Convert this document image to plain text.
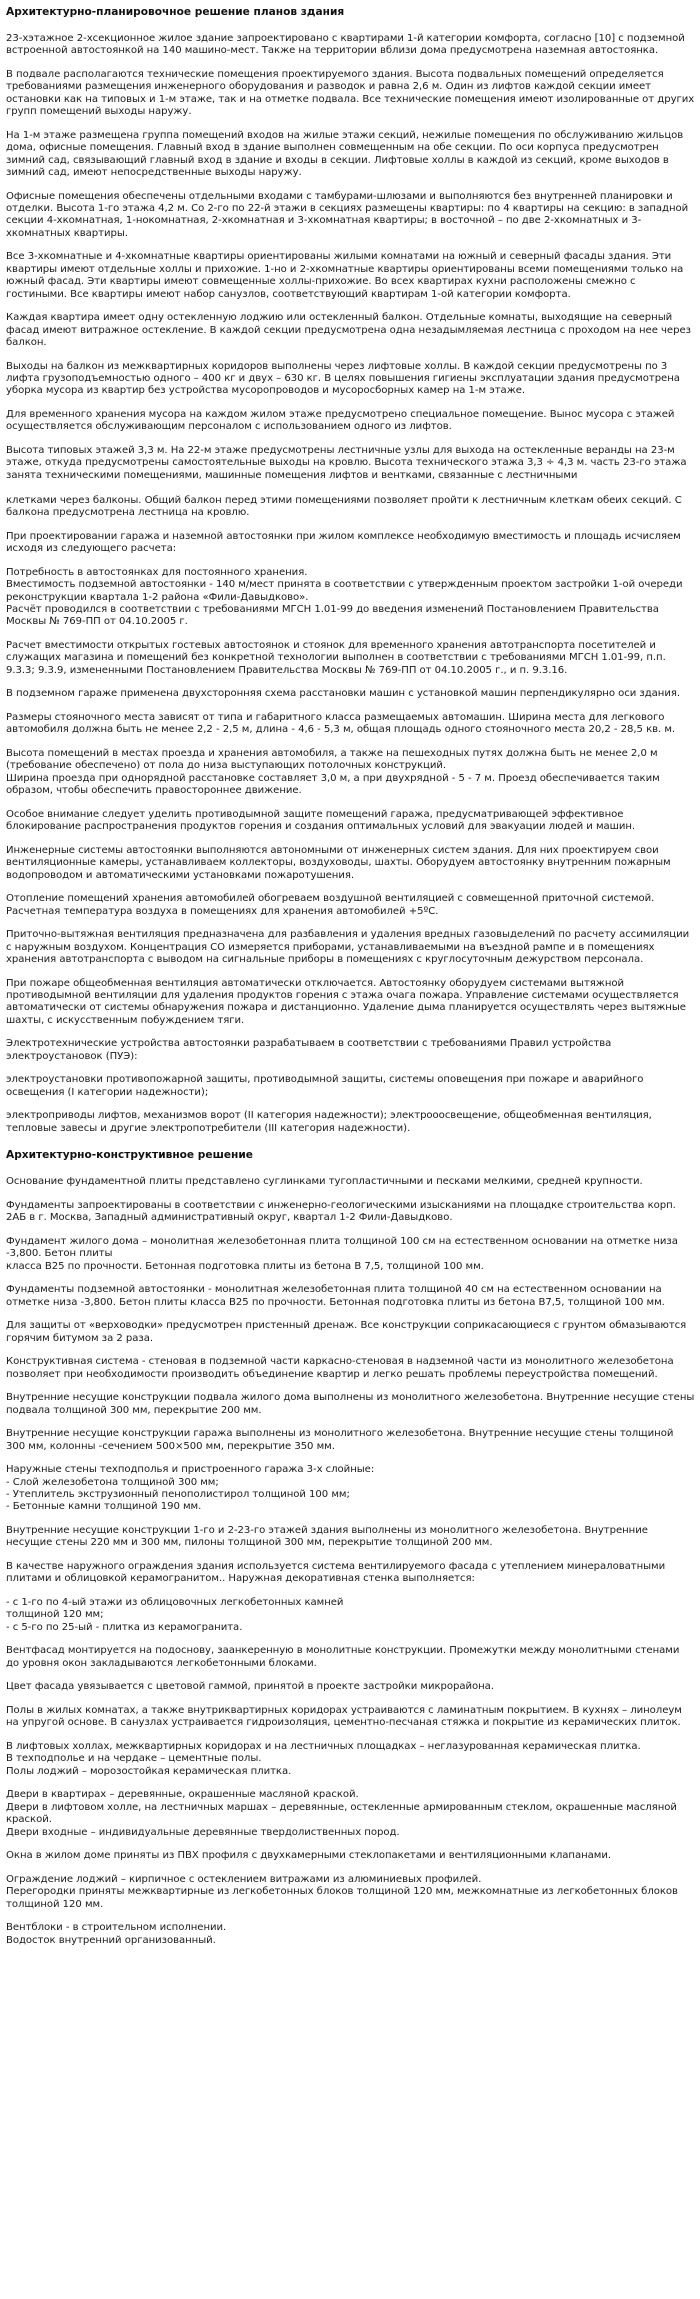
Архитектурно-планировочное решение планов здания

23-хэтажное 2-хсекционное жилое здание запроектировано с квартирами 1-й категории комфорта, согласно [10] с подземной встроенной автостоянкой на 140 машино-мест. Также на территории вблизи дома предусмотрена наземная автостоянка.

В подвале располагаются технические помещения проектируемого здания. Высота подвальных помещений определяется требованиями размещения инженерного оборудования и разводок и равна 2,6 м. Один из лифтов каждой секции имеет остановки как на типовых и 1-м этаже, так и на отметке подвала. Все технические помещения имеют изолированные от других групп помещений выходы наружу.

На 1-м этаже размещена группа помещений входов на жилые этажи секций, нежилые помещения по обслуживанию жильцов дома, офисные помещения. Главный вход в здание выполнен совмещенным на обе секции. По оси корпуса предусмотрен зимний сад, связывающий главный вход в здание и входы в секции. Лифтовые холлы в каждой из секций, кроме выходов в зимний сад, имеют непосредственные выходы наружу.

Офисные помещения обеспечены отдельными входами с тамбурами-шлюзами и выполняются без внутренней планировки и отделки. Высота 1-го этажа 4,2 м. Со 2-го по 22-й этажи в секциях размещены квартиры: по 4 квартиры на секцию: в западной секции 4-хкомнатная, 1-нокомнатная, 2-хкомнатная и 3-хкомнатная квартиры; в восточной – по две 2-хкомнатных и 3-хкомнатных квартиры.

Все 3-хкомнатные и 4-хкомнатные квартиры ориентированы жилыми комнатами на южный и северный фасады здания. Эти квартиры имеют отдельные холлы и прихожие. 1-но и 2-хкомнатные квартиры ориентированы всеми помещениями только на южный фасад. Эти квартиры имеют совмещенные холлы-прихожие. Во всех квартирах кухни расположены смежно с гостиными. Все квартиры имеют набор санузлов, соответствующий квартирам 1-ой категории комфорта.

Каждая квартира имеет одну остекленную лоджию или остекленный балкон. Отдельные комнаты, выходящие на северный фасад имеют витражное остекление. В каждой секции предусмотрена одна незадымляемая лестница с проходом на нее через балкон.

Выходы на балкон из межквартирных коридоров выполнены через лифтовые холлы. В каждой секции предусмотрены по 3 лифта грузоподъемностью одного – 400 кг и двух – 630 кг. В целях повышения гигиены эксплуатации здания предусмотрена уборка мусора из квартир без устройства мусоропроводов и мусоросборных камер на 1-м этаже.

Для временного хранения мусора на каждом жилом этаже предусмотрено специальное помещение. Вынос мусора с этажей осуществляется обслуживающим персоналом с использованием одного из лифтов.

Высота типовых этажей 3,3 м. На 22-м этаже предусмотрены лестничные узлы для выхода на остекленные веранды на 23-м этаже, откуда предусмотрены самостоятельные выходы на кровлю. Высота технического этажа 3,3 ÷ 4,3 м. часть 23-го этажа занята техническими помещениями, машинные помещения лифтов и вентками, связанные с лестничными

клетками через балконы. Общий балкон перед этими помещениями позволяет пройти к лестничным клеткам обеих секций. С балкона предусмотрена лестница на кровлю.

При проектировании гаража и наземной автостоянки при жилом комплексе необходимую вместимость и площадь исчисляем исходя из следующего расчета:

Потребность в автостоянках для постоянного хранения.
Вместимость подземной автостоянки - 140 м/мест принята в соответствии с утвержденным проектом застройки 1-ой очереди реконструкции квартала 1-2 района «Фили-Давыдково».
Расчёт проводился в соответствии с требованиями МГСН 1.01-99 до введения изменений Постановлением Правительства Москвы № 769-ПП от 04.10.2005 г.

Расчет вместимости открытых гостевых автостоянок и стоянок для временного хранения автотранспорта посетителей и служащих магазина и помещений без конкретной технологии выполнен в соответствии с требованиями МГСН 1.01-99, п.п. 9.3.3; 9.3.9, измененными Постановлением Правительства Москвы № 769-ПП от 04.10.2005 г., и п. 9.3.16.

В подземном гараже применена двухсторонняя схема расстановки машин с установкой машин перпендикулярно оси здания.

Размеры стояночного места зависят от типа и габаритного класса размещаемых автомашин. Ширина места для легкового автомобиля должна быть не менее 2,2 - 2,5 м, длина - 4,6 - 5,3 м, общая площадь одного стояночного места 20,2 - 28,5 кв. м.

Высота помещений в местах проезда и хранения автомобиля, а также на пешеходных путях должна быть не менее 2,0 м (требование обеспечено) от пола до низа выступающих потолочных конструкций.
Ширина проезда при однорядной расстановке составляет 3,0 м, а при двухрядной - 5 - 7 м. Проезд обеспечивается таким образом, чтобы обеспечить правостороннее движение.

Особое внимание следует уделить противодымной защите помещений гаража, предусматривающей эффективное блокирование распространения продуктов горения и создания оптимальных условий для эвакуации людей и машин.

Инженерные системы автостоянки выполняются автономными от инженерных систем здания. Для них проектируем свои вентиляционные камеры, устанавливаем коллекторы, воздуховоды, шахты. Оборудуем автостоянку внутренним пожарным водопроводом и автоматическими установками пожаротушения.

Отопление помещений хранения автомобилей обогреваем воздушной вентиляцией с совмещенной приточной системой. Расчетная температура воздуха в помещениях для хранения автомобилей +5ºС.

Приточно-вытяжная вентиляция предназначена для разбавления и удаления вредных газовыделений по расчету ассимиляции с наружным воздухом. Концентрация СО измеряется приборами, устанавливаемыми на въездной рампе и в помещениях хранения автотранспорта с выводом на сигнальные приборы в помещениях с круглосуточным дежурством персонала.

При пожаре общеобменная вентиляция автоматически отключается. Автостоянку оборудуем системами вытяжной противодымной вентиляции для удаления продуктов горения с этажа очага пожара. Управление системами осуществляется автоматически от системы обнаружения пожара и дистанционно. Удаление дыма планируется осуществлять через вытяжные шахты, с искусственным побуждением тяги.

Электротехнические устройства автостоянки разрабатываем в соответствии с требованиями Правил устройства электроустановок (ПУЭ):

электроустановки противопожарной защиты, противодымной защиты, системы оповещения при пожаре и аварийного освещения (I категории надежности);

электроприводы лифтов, механизмов ворот (II категория надежности); электрооосвещение, общеобменная вентиляция, тепловые завесы и другие электропотребители (III категория надежности).

Архитектурно-конструктивное решение

Основание фундаментной плиты представлено суглинками тугопластичными и песками мелкими, средней крупности.

Фундаменты запроектированы в соответствии с инженерно-геологическими изысканиями на площадке строительства корп. 2АБ в г. Москва, Западный административный округ, квартал 1-2 Фили-Давыдково.

Фундамент жилого дома – монолитная железобетонная плита толщиной 100 см на естественном основании на отметке низа -3,800. Бетон плиты
класса В25 по прочности. Бетонная подготовка плиты из бетона В 7,5, толщиной 100 мм.

Фундаменты подземной автостоянки - монолитная железобетонная плита толщиной 40 см на естественном основании на отметке низа -3,800. Бетон плиты класса В25 по прочности. Бетонная подготовка плиты из бетона В7,5, толщиной 100 мм.

Для защиты от «верховодки» предусмотрен пристенный дренаж. Все конструкции соприкасающиеся с грунтом обмазываются горячим битумом за 2 раза.

Конструктивная система - стеновая в подземной части каркасно-стеновая в надземной части из монолитного железобетона позволяет при необходимости производить объединение квартир и легко решать проблемы переустройства помещений.

Внутренние несущие конструкции подвала жилого дома выполнены из монолитного железобетона. Внутренние несущие стены подвала толщиной 300 мм, перекрытие 200 мм.

Внутренние несущие конструкции гаража выполнены из монолитного железобетона. Внутренние несущие стены толщиной 300 мм, колонны -сечением 500×500 мм, перекрытие 350 мм.

Наружные стены техподполья и пристроенного гаража 3-х слойные:
- Слой железобетона толщиной 300 мм;
- Утеплитель экструзионный пенополистирол толщиной 100 мм;
- Бетонные камни толщиной 190 мм.

Внутренние несущие конструкции 1-го и 2-23-го этажей здания выполнены из монолитного железобетона. Внутренние несущие стены 220 мм и 300 мм, пилоны толщиной 300 мм, перекрытие толщиной 200 мм.

В качестве наружного ограждения здания используется система вентилируемого фасада с утеплением минераловатными плитами и облицовкой керамогранитом.. Наружная декоративная стенка выполняется:

- с 1-го по 4-ый этажи из облицовочных легкобетонных камней
толщиной 120 мм;
- с 5-го по 25-ый - плитка из керамогранита.

Вентфасад монтируется на подоснову, заанкеренную в монолитные конструкции. Промежутки между монолитными стенами до уровня окон закладываются легкобетонными блоками.

Цвет фасада увязывается с цветовой гаммой, принятой в проекте застройки микрорайона.

Полы в жилых комнатах, а также внутриквартирных коридорах устраиваются с ламинатным покрытием. В кухнях – линолеум на упругой основе. В санузлах устраивается гидроизоляция, цементно-песчаная стяжка и покрытие из керамических плиток.

В лифтовых холлах, межквартирных коридорах и на лестничных площадках – неглазурованная керамическая плитка.
В техподполье и на чердаке – цементные полы.
Полы лоджий – морозостойкая керамическая плитка.

Двери в квартирах – деревянные, окрашенные масляной краской.
Двери в лифтовом холле, на лестничных маршах – деревянные, остекленные армированным стеклом, окрашенные масляной краской.
Двери входные – индивидуальные деревянные твердолиственных пород.

Окна в жилом доме приняты из ПВХ профиля с двухкамерными стеклопакетами и вентиляционными клапанами.

Ограждение лоджий – кирпичное с остеклением витражами из алюминиевых профилей.
Перегородки приняты межквартирные из легкобетонных блоков толщиной 120 мм, межкомнатные из легкобетонных блоков толщиной 120 мм.

Вентблоки - в строительном исполнении.
Водосток внутренний организованный.
